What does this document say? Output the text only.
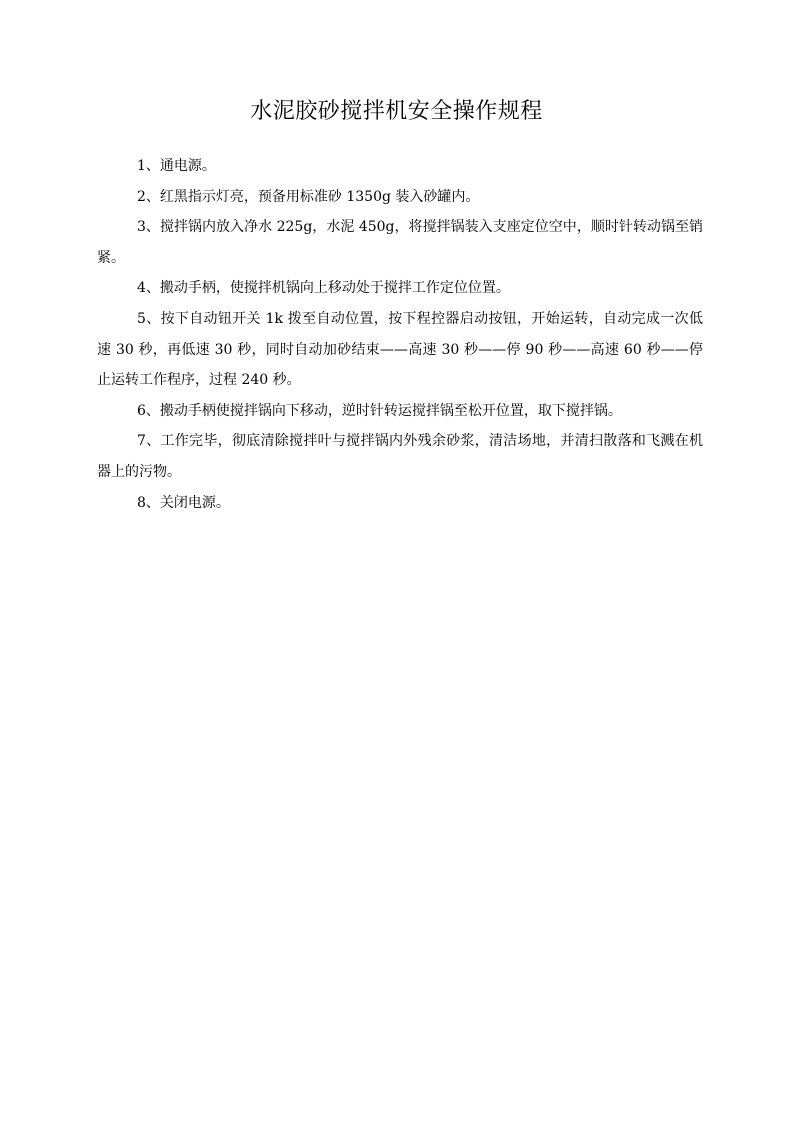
水泥胶砂搅拌机安全操作规程

1、通电源。

2、红黑指示灯亮，预备用标准砂 1350g 装入砂罐内。

3、搅拌锅内放入净水 225g，水泥 450g，将搅拌锅装入支座定位空中，顺时针转动锅至销紧。

4、搬动手柄，使搅拌机锅向上移动处于搅拌工作定位位置。

5、按下自动钮开关 1k 拨至自动位置，按下程控器启动按钮，开始运转，自动完成一次低速 30 秒，再低速 30 秒，同时自动加砂结束——高速 30 秒——停 90 秒——高速 60 秒——停止运转工作程序，过程 240 秒。

6、搬动手柄使搅拌锅向下移动，逆时针转运搅拌锅至松开位置，取下搅拌锅。

7、工作完毕，彻底清除搅拌叶与搅拌锅内外残余砂浆，清洁场地，并清扫散落和飞溅在机器上的污物。

8、关闭电源。
